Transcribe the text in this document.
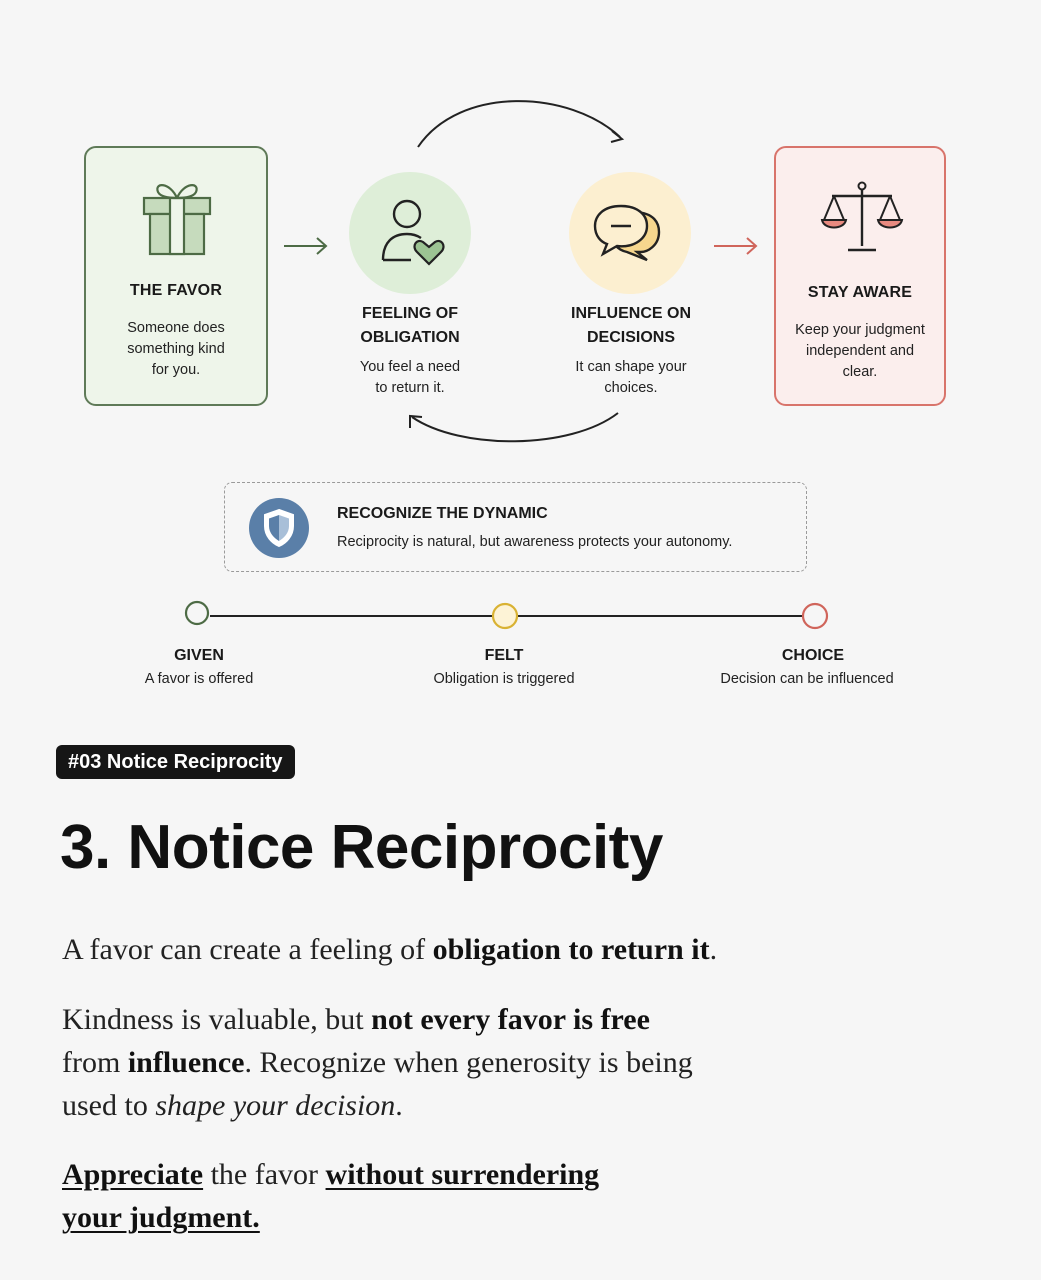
THE FAVOR
Someone does
something kind
for you.
FEELING OF
OBLIGATION
You feel a need
to return it.
INFLUENCE ON
DECISIONS
It can shape your
choices.
STAY AWARE
Keep your judgment
independent and
clear.
RECOGNIZE THE DYNAMIC
Reciprocity is natural, but awareness protects your autonomy.
GIVEN
A favor is offered
FELT
Obligation is triggered
CHOICE
Decision can be influenced
#03 Notice Reciprocity
3. Notice Reciprocity

A favor can create a feeling of obligation to return it.

Kindness is valuable, but not every favor is free
from influence. Recognize when generosity is being
used to shape your decision.

Appreciate the favor without surrendering
your judgment.
